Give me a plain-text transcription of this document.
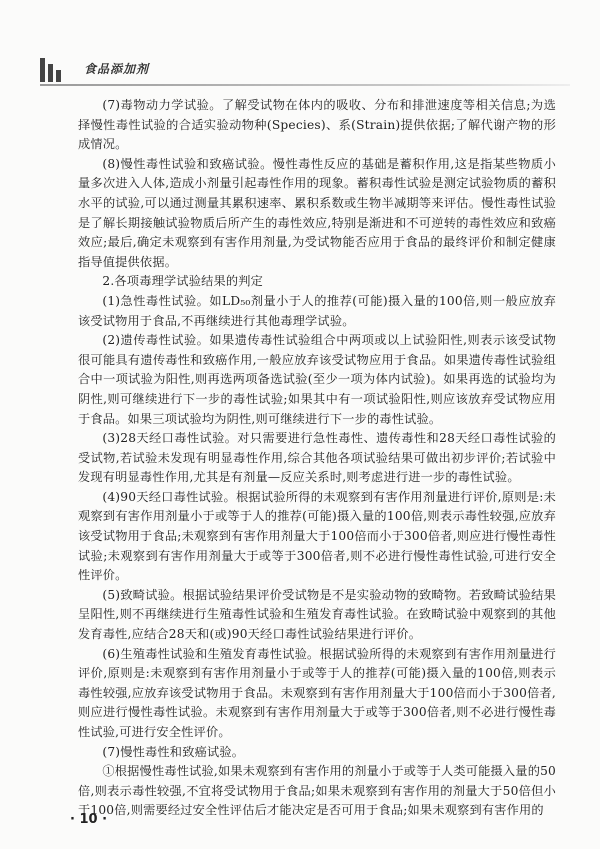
食品添加剂

(7)毒物动力学试验。了解受试物在体内的吸收、分布和排泄速度等相关信息;为选择慢性毒性试验的合适实验动物种(Species)、系(Strain)提供依据;了解代谢产物的形成情况。

(8)慢性毒性试验和致癌试验。慢性毒性反应的基础是蓄积作用,这是指某些物质小量多次进入人体,造成小剂量引起毒性作用的现象。蓄积毒性试验是测定试验物质的蓄积水平的试验,可以通过测量其累积速率、累积系数或生物半减期等来评估。慢性毒性试验是了解长期接触试验物质后所产生的毒性效应,特别是渐进和不可逆转的毒性效应和致癌效应;最后,确定未观察到有害作用剂量,为受试物能否应用于食品的最终评价和制定健康指导值提供依据。

2.各项毒理学试验结果的判定

(1)急性毒性试验。如LD₅₀剂量小于人的推荐(可能)摄入量的100倍,则一般应放弃该受试物用于食品,不再继续进行其他毒理学试验。

(2)遗传毒性试验。如果遗传毒性试验组合中两项或以上试验阳性,则表示该受试物很可能具有遗传毒性和致癌作用,一般应放弃该受试物应用于食品。如果遗传毒性试验组合中一项试验为阳性,则再选两项备选试验(至少一项为体内试验)。如果再选的试验均为阴性,则可继续进行下一步的毒性试验;如果其中有一项试验阳性,则应该放弃受试物应用于食品。如果三项试验均为阴性,则可继续进行下一步的毒性试验。

(3)28天经口毒性试验。对只需要进行急性毒性、遗传毒性和28天经口毒性试验的受试物,若试验未发现有明显毒性作用,综合其他各项试验结果可做出初步评价;若试验中发现有明显毒性作用,尤其是有剂量—反应关系时,则考虑进行进一步的毒性试验。

(4)90天经口毒性试验。根据试验所得的未观察到有害作用剂量进行评价,原则是:未观察到有害作用剂量小于或等于人的推荐(可能)摄入量的100倍,则表示毒性较强,应放弃该受试物用于食品;未观察到有害作用剂量大于100倍而小于300倍者,则应进行慢性毒性试验;未观察到有害作用剂量大于或等于300倍者,则不必进行慢性毒性试验,可进行安全性评价。

(5)致畸试验。根据试验结果评价受试物是不是实验动物的致畸物。若致畸试验结果呈阳性,则不再继续进行生殖毒性试验和生殖发育毒性试验。在致畸试验中观察到的其他发育毒性,应结合28天和(或)90天经口毒性试验结果进行评价。

(6)生殖毒性试验和生殖发育毒性试验。根据试验所得的未观察到有害作用剂量进行评价,原则是:未观察到有害作用剂量小于或等于人的推荐(可能)摄入量的100倍,则表示毒性较强,应放弃该受试物用于食品。未观察到有害作用剂量大于100倍而小于300倍者,则应进行慢性毒性试验。未观察到有害作用剂量大于或等于300倍者,则不必进行慢性毒性试验,可进行安全性评价。

(7)慢性毒性和致癌试验。

①根据慢性毒性试验,如果未观察到有害作用的剂量小于或等于人类可能摄入量的50倍,则表示毒性较强,不宜将受试物用于食品;如果未观察到有害作用的剂量大于50倍但小于100倍,则需要经过安全性评估后才能决定是否可用于食品;如果未观察到有害作用的

· 10 ·
